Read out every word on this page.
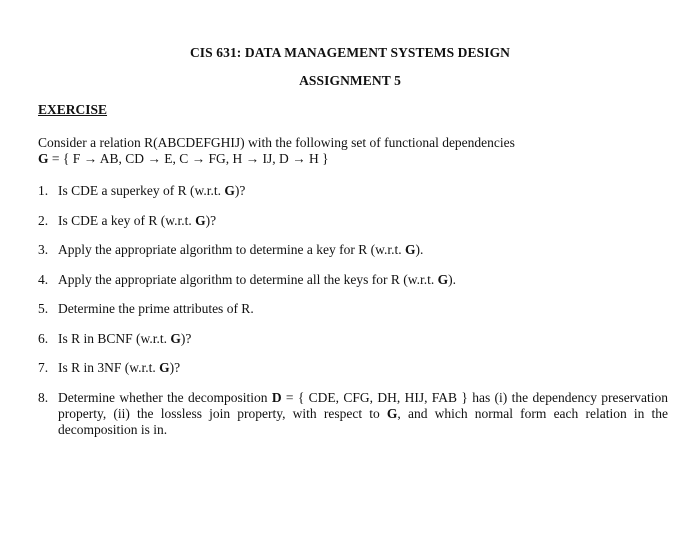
CIS 631: DATA MANAGEMENT SYSTEMS DESIGN
ASSIGNMENT 5
EXERCISE
Consider a relation R(ABCDEFGHIJ) with the following set of functional dependencies
G = { F → AB, CD → E, C → FG, H → IJ, D → H }
1. Is CDE a superkey of R (w.r.t. G)?
2. Is CDE a key of R (w.r.t. G)?
3. Apply the appropriate algorithm to determine a key for R (w.r.t. G).
4. Apply the appropriate algorithm to determine all the keys for R (w.r.t. G).
5. Determine the prime attributes of R.
6. Is R in BCNF (w.r.t. G)?
7. Is R in 3NF (w.r.t. G)?
8. Determine whether the decomposition D = { CDE, CFG, DH, HIJ, FAB } has (i) the dependency preservation property, (ii) the lossless join property, with respect to G, and which normal form each relation in the decomposition is in.
